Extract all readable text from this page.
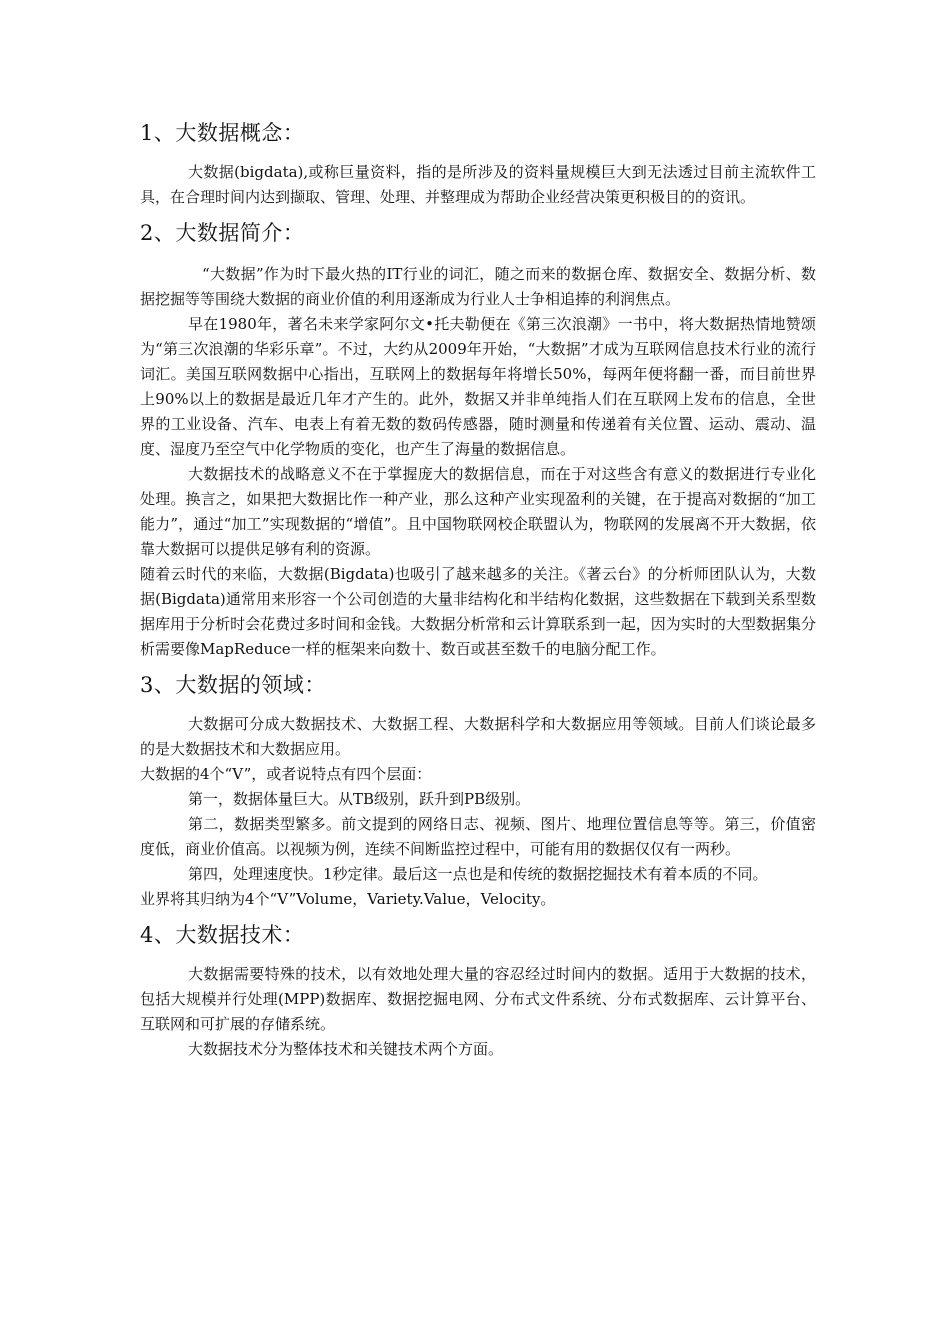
1、大数据概念：

大数据(bigdata),或称巨量资料，指的是所涉及的资料量规模巨大到无法透过目前主流软件工具，在合理时间内达到撷取、管理、处理、并整理成为帮助企业经营决策更积极目的的资讯。

2、大数据简介：

“大数据”作为时下最火热的IT行业的词汇，随之而来的数据仓库、数据安全、数据分析、数据挖掘等等围绕大数据的商业价值的利用逐渐成为行业人士争相追捧的利润焦点。

早在1980年，著名未来学家阿尔文•托夫勒便在《第三次浪潮》一书中，将大数据热情地赞颂为“第三次浪潮的华彩乐章”。不过，大约从2009年开始，“大数据”才成为互联网信息技术行业的流行词汇。美国互联网数据中心指出，互联网上的数据每年将增长50%，每两年便将翻一番，而目前世界上90%以上的数据是最近几年才产生的。此外，数据又并非单纯指人们在互联网上发布的信息，全世界的工业设备、汽车、电表上有着无数的数码传感器，随时测量和传递着有关位置、运动、震动、温度、湿度乃至空气中化学物质的变化，也产生了海量的数据信息。

大数据技术的战略意义不在于掌握庞大的数据信息，而在于对这些含有意义的数据进行专业化处理。换言之，如果把大数据比作一种产业，那么这种产业实现盈利的关键，在于提高对数据的“加工能力”，通过“加工”实现数据的“增值”。且中国物联网校企联盟认为，物联网的发展离不开大数据，依靠大数据可以提供足够有利的资源。

随着云时代的来临，大数据(Bigdata)也吸引了越来越多的关注。《著云台》的分析师团队认为，大数据(Bigdata)通常用来形容一个公司创造的大量非结构化和半结构化数据，这些数据在下载到关系型数据库用于分析时会花费过多时间和金钱。大数据分析常和云计算联系到一起，因为实时的大型数据集分析需要像MapReduce一样的框架来向数十、数百或甚至数千的电脑分配工作。

3、大数据的领域：

大数据可分成大数据技术、大数据工程、大数据科学和大数据应用等领域。目前人们谈论最多的是大数据技术和大数据应用。

大数据的4个“V”，或者说特点有四个层面：

第一，数据体量巨大。从TB级别，跃升到PB级别。

第二，数据类型繁多。前文提到的网络日志、视频、图片、地理位置信息等等。第三，价值密度低，商业价值高。以视频为例，连续不间断监控过程中，可能有用的数据仅仅有一两秒。

第四，处理速度快。1秒定律。最后这一点也是和传统的数据挖掘技术有着本质的不同。

业界将其归纳为4个“V”Volume，Variety.Value，Velocity。

4、大数据技术：

大数据需要特殊的技术，以有效地处理大量的容忍经过时间内的数据。适用于大数据的技术，包括大规模并行处理(MPP)数据库、数据挖掘电网、分布式文件系统、分布式数据库、云计算平台、互联网和可扩展的存储系统。

大数据技术分为整体技术和关键技术两个方面。
